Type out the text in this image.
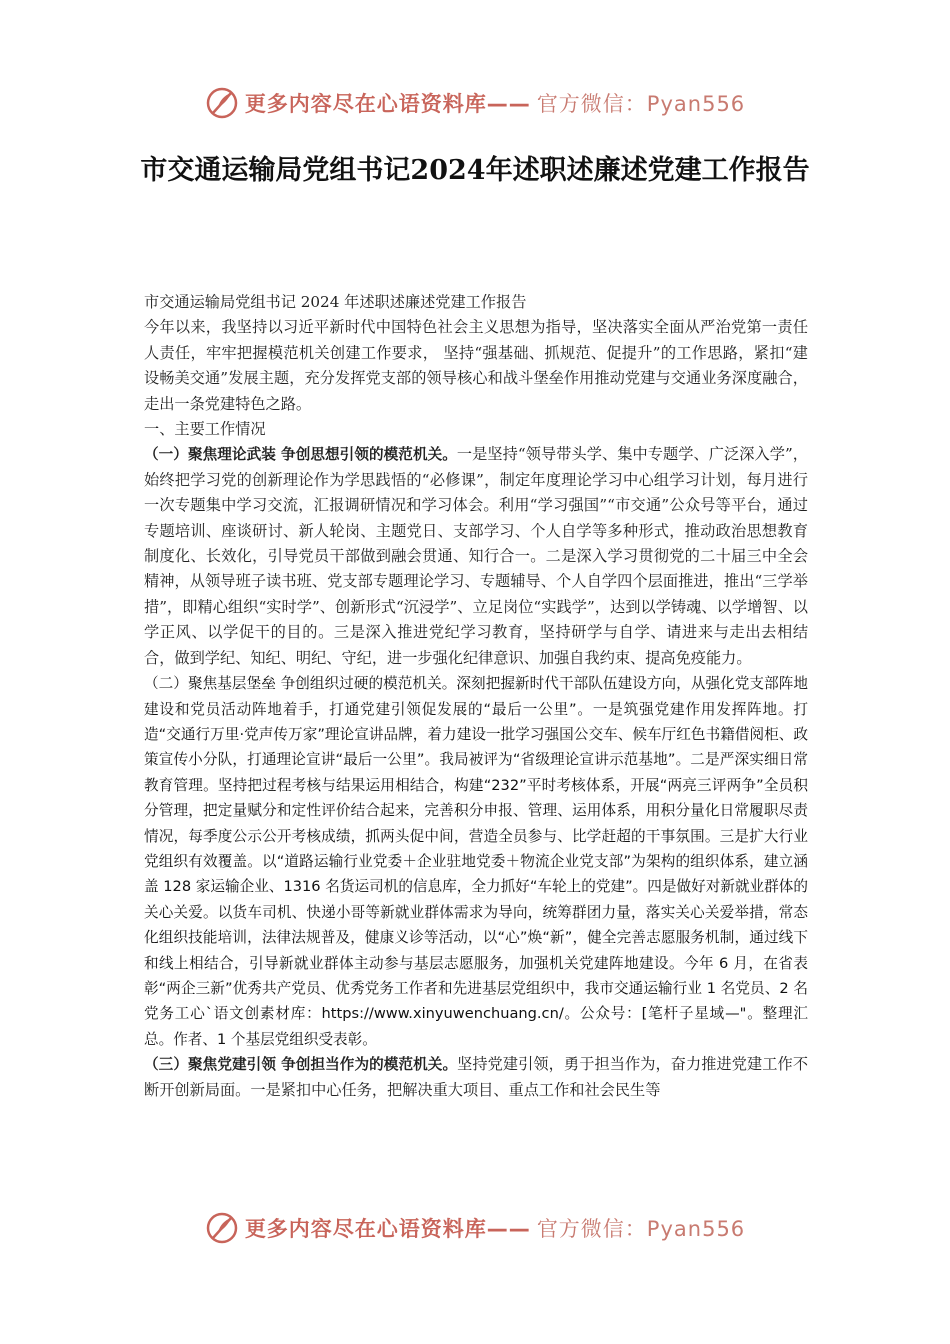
更多内容尽在心语资料库—— 官方微信：Pyan556
市交通运输局党组书记2024年述职述廉述党建工作报告

市交通运输局党组书记 2024 年述职述廉述党建工作报告

今年以来，我坚持以习近平新时代中国特色社会主义思想为指导，坚决落实全面从严治党第一责任人责任，牢牢把握模范机关创建工作要求， 坚持“强基础、抓规范、促提升”的工作思路，紧扣“建设畅美交通”发展主题，充分发挥党支部的领导核心和战斗堡垒作用推动党建与交通业务深度融合，走出一条党建特色之路。

一、主要工作情况

（一）聚焦理论武装 争创思想引领的模范机关。一是坚持“领导带头学、集中专题学、广泛深入学”，始终把学习党的创新理论作为学思践悟的“必修课”，制定年度理论学习中心组学习计划，每月进行一次专题集中学习交流，汇报调研情况和学习体会。利用“学习强国”“市交通”公众号等平台，通过专题培训、座谈研讨、新人轮岗、主题党日、支部学习、个人自学等多种形式，推动政治思想教育制度化、长效化，引导党员干部做到融会贯通、知行合一。二是深入学习贯彻党的二十届三中全会精神，从领导班子读书班、党支部专题理论学习、专题辅导、个人自学四个层面推进，推出“三学举措”，即精心组织“实时学”、创新形式“沉浸学”、立足岗位“实践学”，达到以学铸魂、以学增智、以学正风、以学促干的目的。三是深入推进党纪学习教育，坚持研学与自学、请进来与走出去相结合，做到学纪、知纪、明纪、守纪，进一步强化纪律意识、加强自我约束、提高免疫能力。

（二）聚焦基层堡垒 争创组织过硬的模范机关。深刻把握新时代干部队伍建设方向，从强化党支部阵地建设和党员活动阵地着手，打通党建引领促发展的“最后一公里”。一是筑强党建作用发挥阵地。打造“交通行万里·党声传万家”理论宣讲品牌，着力建设一批学习强国公交车、候车厅红色书籍借阅柜、政策宣传小分队，打通理论宣讲“最后一公里”。我局被评为“省级理论宣讲示范基地”。二是严深实细日常教育管理。坚持把过程考核与结果运用相结合，构建“232”平时考核体系，开展“两亮三评两争”全员积分管理，把定量赋分和定性评价结合起来，完善积分申报、管理、运用体系，用积分量化日常履职尽责情况，每季度公示公开考核成绩，抓两头促中间，营造全员参与、比学赶超的干事氛围。三是扩大行业党组织有效覆盖。以“道路运输行业党委＋企业驻地党委＋物流企业党支部”为架构的组织体系，建立涵盖 128 家运输企业、1316 名货运司机的信息库，全力抓好“车轮上的党建”。四是做好对新就业群体的关心关爱。以货车司机、快递小哥等新就业群体需求为导向，统筹群团力量，落实关心关爱举措，常态化组织技能培训，法律法规普及，健康义诊等活动，以“心”焕“新”，健全完善志愿服务机制，通过线下和线上相结合，引导新就业群体主动参与基层志愿服务，加强机关党建阵地建设。今年 6 月，在省表彰“两企三新”优秀共产党员、优秀党务工作者和先进基层党组织中，我市交通运输行业 1 名党员、2 名党务工心`语文创素材库：https://www.xinyuwenchuang.cn/。公众号：[笔杆子星域—"。整理汇总。作者、1 个基层党组织受表彰。

（三）聚焦党建引领 争创担当作为的模范机关。坚持党建引领，勇于担当作为，奋力推进党建工作不断开创新局面。一是紧扣中心任务，把解决重大项目、重点工作和社会民生等

更多内容尽在心语资料库—— 官方微信：Pyan556
